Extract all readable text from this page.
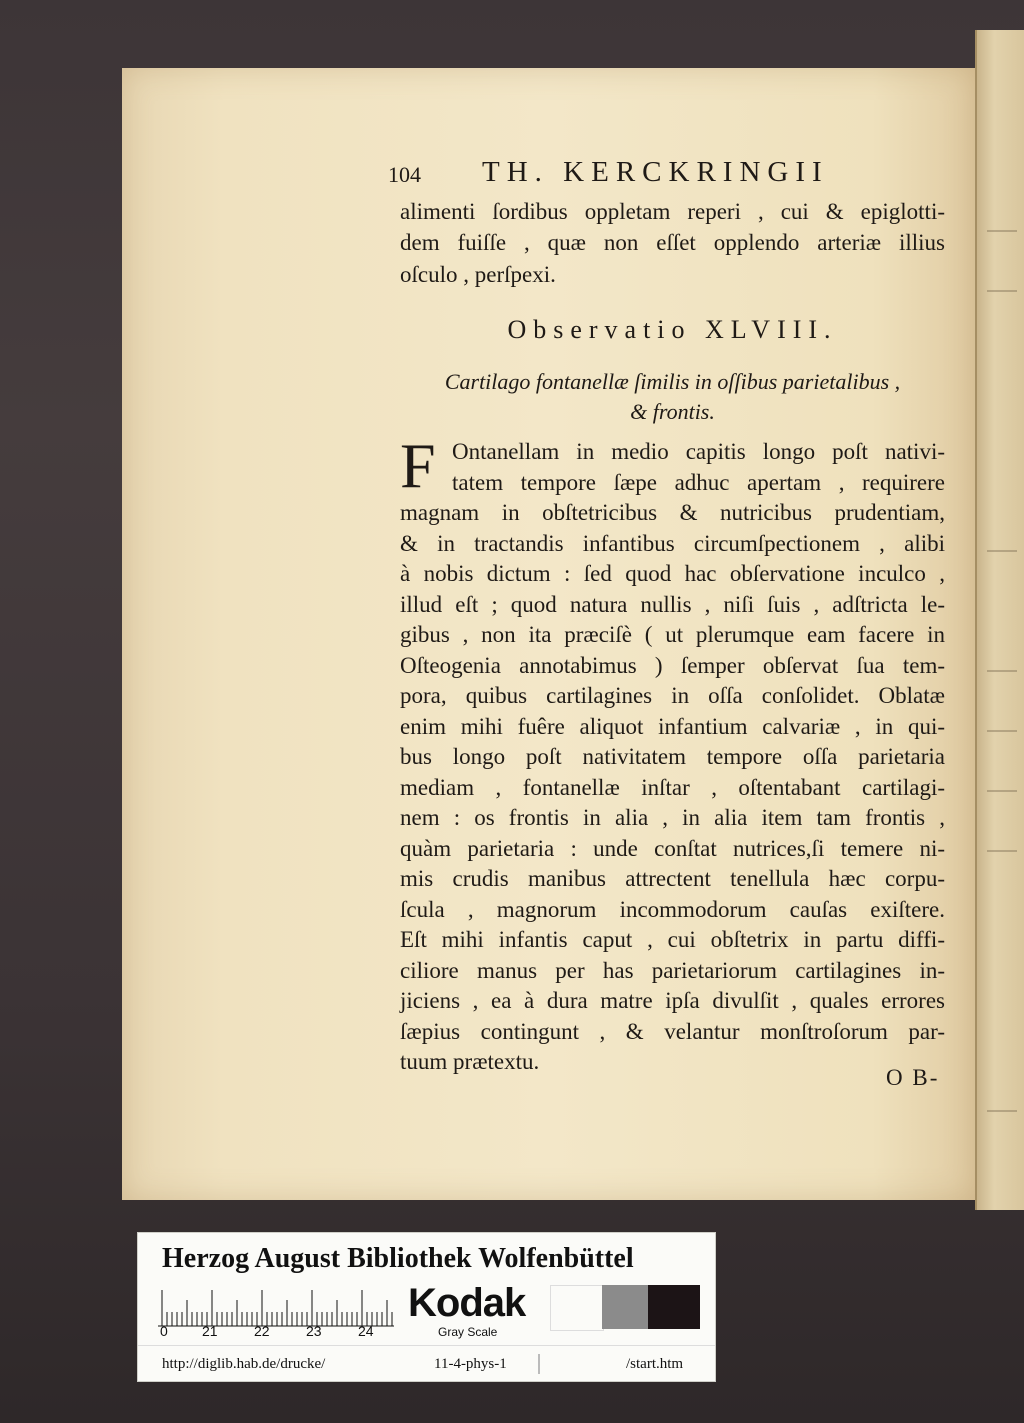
104 TH. KERCKRINGII
alimenti ſordibus oppletam reperi , cui & epiglotti-
dem fuiſſe , quæ non eſſet opplendo arteriæ illius
oſculo , perſpexi.
Observatio XLVIII.
Cartilago fontanellæ ſimilis in oſſibus parietalibus ,
& frontis.
F Ontanellam in medio capitis longo poſt nativi-
tatem tempore ſæpe adhuc apertam , requirere
magnam in obſtetricibus & nutricibus prudentiam,
& in tractandis infantibus circumſpectionem , alibi
à nobis dictum : ſed quod hac obſervatione inculco ,
illud eſt ; quod natura nullis , niſi ſuis , adſtricta le-
gibus , non ita præciſè ( ut plerumque eam facere in
Oſteogenia annotabimus ) ſemper obſervat ſua tem-
pora, quibus cartilagines in oſſa conſolidet. Oblatæ
enim mihi fuêre aliquot infantium calvariæ , in qui-
bus longo poſt nativitatem tempore oſſa parietaria
mediam , fontanellæ inſtar , oſtentabant cartilagi-
nem : os frontis in alia , in alia item tam frontis ,
quàm parietaria : unde conſtat nutrices,ſi temere ni-
mis crudis manibus attrectent tenellula hæc corpu-
ſcula , magnorum incommodorum cauſas exiſtere.
Eſt mihi infantis caput , cui obſtetrix in partu diffi-
ciliore manus per has parietariorum cartilagines in-
jiciens , ea à dura matre ipſa divulſit , quales errores
ſæpius contingunt , & velantur monſtroſorum par-
tuum prætextu.
O B-
Herzog August Bibliothek Wolfenbüttel
0 21	22	23	24
Kodak
Gray Scale
http://diglib.hab.de/drucke/	11-4-phys-1	/start.htm
